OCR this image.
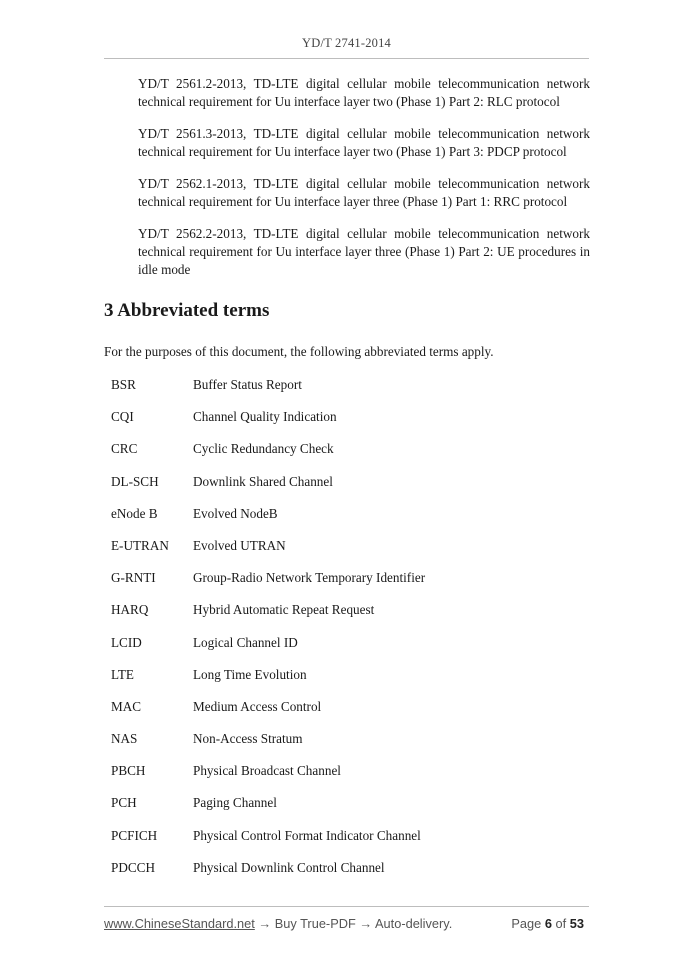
YD/T 2741-2014

YD/T 2561.2-2013, TD-LTE digital cellular mobile telecommunication network technical requirement for Uu interface layer two (Phase 1) Part 2: RLC protocol

YD/T 2561.3-2013, TD-LTE digital cellular mobile telecommunication network technical requirement for Uu interface layer two (Phase 1) Part 3: PDCP protocol

YD/T 2562.1-2013, TD-LTE digital cellular mobile telecommunication network technical requirement for Uu interface layer three (Phase 1) Part 1: RRC protocol

YD/T 2562.2-2013, TD-LTE digital cellular mobile telecommunication network technical requirement for Uu interface layer three (Phase 1) Part 2: UE procedures in idle mode

3 Abbreviated terms

For the purposes of this document, the following abbreviated terms apply.

BSR	Buffer Status Report
CQI	Channel Quality Indication
CRC	Cyclic Redundancy Check
DL-SCH	Downlink Shared Channel
eNode B	Evolved NodeB
E-UTRAN	Evolved UTRAN
G-RNTI	Group-Radio Network Temporary Identifier
HARQ	Hybrid Automatic Repeat Request
LCID	Logical Channel ID
LTE	Long Time Evolution
MAC	Medium Access Control
NAS	Non-Access Stratum
PBCH	Physical Broadcast Channel
PCH	Paging Channel
PCFICH	Physical Control Format Indicator Channel
PDCCH	Physical Downlink Control Channel
www.ChineseStandard.net → Buy True-PDF → Auto-delivery.	Page 6 of 53
